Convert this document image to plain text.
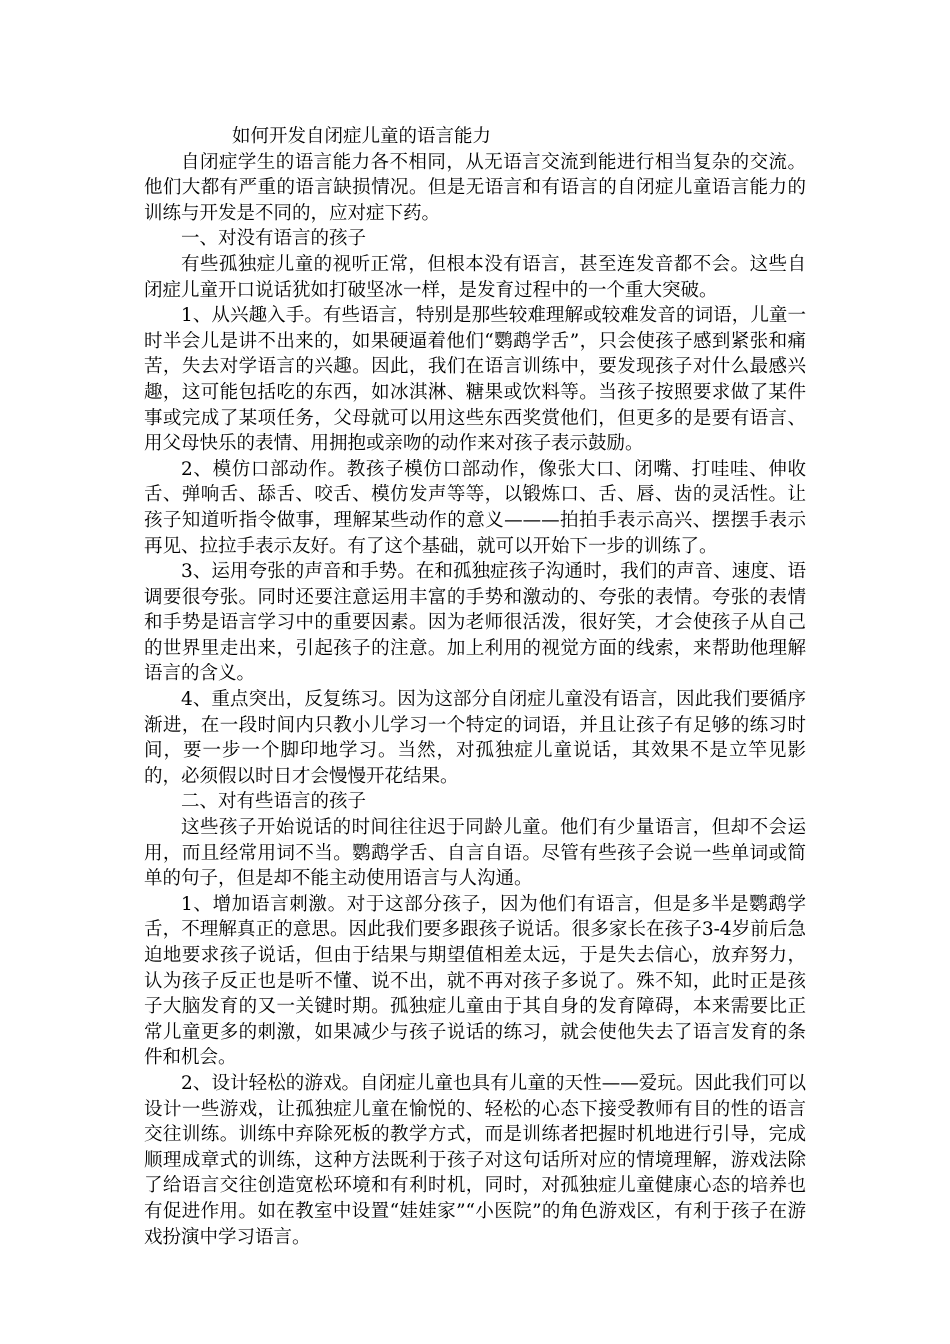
如何开发自闭症儿童的语言能力

自闭症学生的语言能力各不相同，从无语言交流到能进行相当复杂的交流。他们大都有严重的语言缺损情况。但是无语言和有语言的自闭症儿童语言能力的训练与开发是不同的，应对症下药。

一、对没有语言的孩子

有些孤独症儿童的视听正常，但根本没有语言，甚至连发音都不会。这些自闭症儿童开口说话犹如打破坚冰一样，是发育过程中的一个重大突破。

1、从兴趣入手。有些语言，特别是那些较难理解或较难发音的词语，儿童一时半会儿是讲不出来的，如果硬逼着他们“鹦鹉学舌”，只会使孩子感到紧张和痛苦，失去对学语言的兴趣。因此，我们在语言训练中，要发现孩子对什么最感兴趣，这可能包括吃的东西，如冰淇淋、糖果或饮料等。当孩子按照要求做了某件事或完成了某项任务，父母就可以用这些东西奖赏他们，但更多的是要有语言、用父母快乐的表情、用拥抱或亲吻的动作来对孩子表示鼓励。

2、模仿口部动作。教孩子模仿口部动作，像张大口、闭嘴、打哇哇、伸收舌、弹响舌、舔舌、咬舌、模仿发声等等，以锻炼口、舌、唇、齿的灵活性。让孩子知道听指令做事，理解某些动作的意义———拍拍手表示高兴、摆摆手表示再见、拉拉手表示友好。有了这个基础，就可以开始下一步的训练了。

3、运用夸张的声音和手势。在和孤独症孩子沟通时，我们的声音、速度、语调要很夸张。同时还要注意运用丰富的手势和激动的、夸张的表情。夸张的表情和手势是语言学习中的重要因素。因为老师很活泼，很好笑，才会使孩子从自己的世界里走出来，引起孩子的注意。加上利用的视觉方面的线索，来帮助他理解语言的含义。

4、重点突出，反复练习。因为这部分自闭症儿童没有语言，因此我们要循序渐进，在一段时间内只教小儿学习一个特定的词语，并且让孩子有足够的练习时间，要一步一个脚印地学习。当然，对孤独症儿童说话，其效果不是立竿见影的，必须假以时日才会慢慢开花结果。

二、对有些语言的孩子

这些孩子开始说话的时间往往迟于同龄儿童。他们有少量语言，但却不会运用，而且经常用词不当。鹦鹉学舌、自言自语。尽管有些孩子会说一些单词或简单的句子，但是却不能主动使用语言与人沟通。

1、增加语言刺激。对于这部分孩子，因为他们有语言，但是多半是鹦鹉学舌，不理解真正的意思。因此我们要多跟孩子说话。很多家长在孩子3-4岁前后急迫地要求孩子说话，但由于结果与期望值相差太远，于是失去信心，放弃努力，认为孩子反正也是听不懂、说不出，就不再对孩子多说了。殊不知，此时正是孩子大脑发育的又一关键时期。孤独症儿童由于其自身的发育障碍，本来需要比正常儿童更多的刺激，如果减少与孩子说话的练习，就会使他失去了语言发育的条件和机会。

2、设计轻松的游戏。自闭症儿童也具有儿童的天性——爱玩。因此我们可以设计一些游戏，让孤独症儿童在愉悦的、轻松的心态下接受教师有目的性的语言交往训练。训练中弃除死板的教学方式，而是训练者把握时机地进行引导，完成顺理成章式的训练，这种方法既利于孩子对这句话所对应的情境理解，游戏法除了给语言交往创造宽松环境和有利时机，同时，对孤独症儿童健康心态的培养也有促进作用。如在教室中设置“娃娃家”“小医院”的角色游戏区，有利于孩子在游戏扮演中学习语言。
